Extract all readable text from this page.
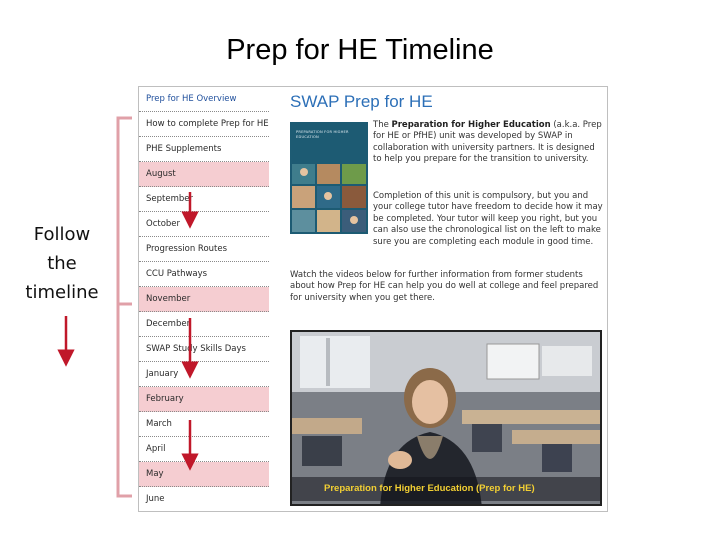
Prep for HE Timeline
Follow
the
timeline
Prep for HE Overview
How to complete Prep for HE
PHE Supplements
August
September
October
Progression Routes
CCU Pathways
November
December
SWAP Study Skills Days
January
February
March
April
May
June
SWAP Prep for HE
PREPARATION FOR HIGHER EDUCATION
The Preparation for Higher Education (a.k.a. Prep for HE or PfHE) unit was developed by SWAP in collaboration with university partners. It is designed to help you prepare for the transition to university.
Completion of this unit is compulsory, but you and your college tutor have freedom to decide how it may be completed. Your tutor will keep you right, but you can also use the chronological list on the left to make sure you are completing each module in good time.
Watch the videos below for further information from former students about how Prep for HE can help you do well at college and feel prepared for university when you get there.
Preparation for Higher Education (Prep for HE)
